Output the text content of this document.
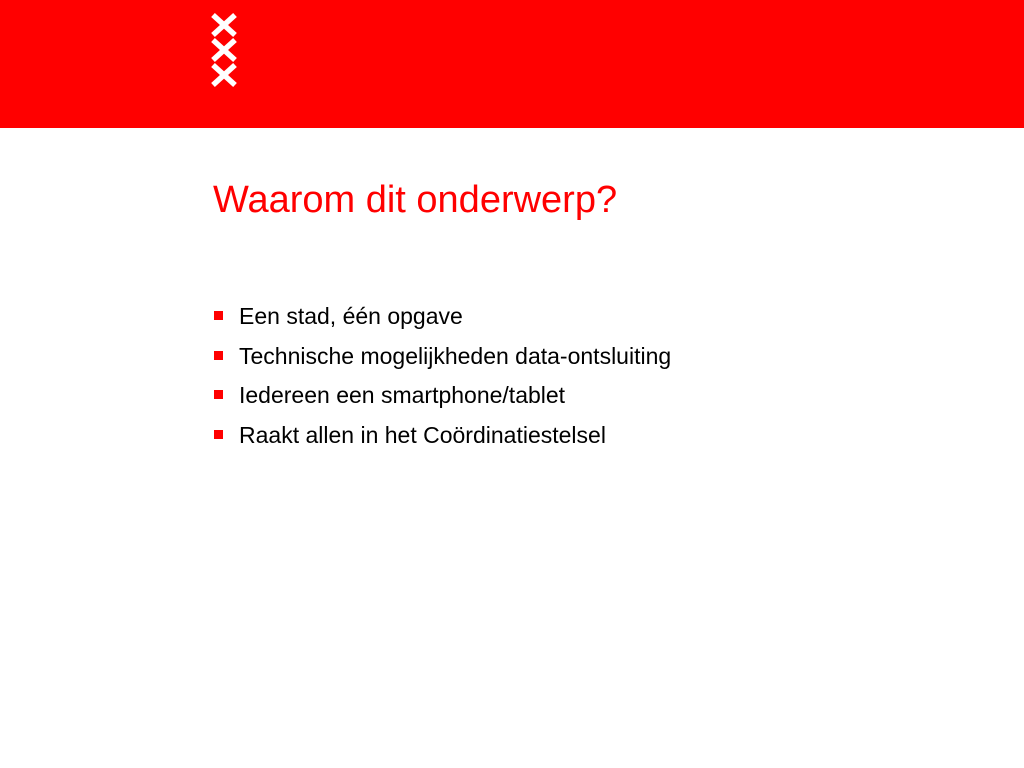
Waarom dit onderwerp?
Een stad, één opgave
Technische mogelijkheden data-ontsluiting
Iedereen een smartphone/tablet
Raakt allen in het Coördinatiestelsel
